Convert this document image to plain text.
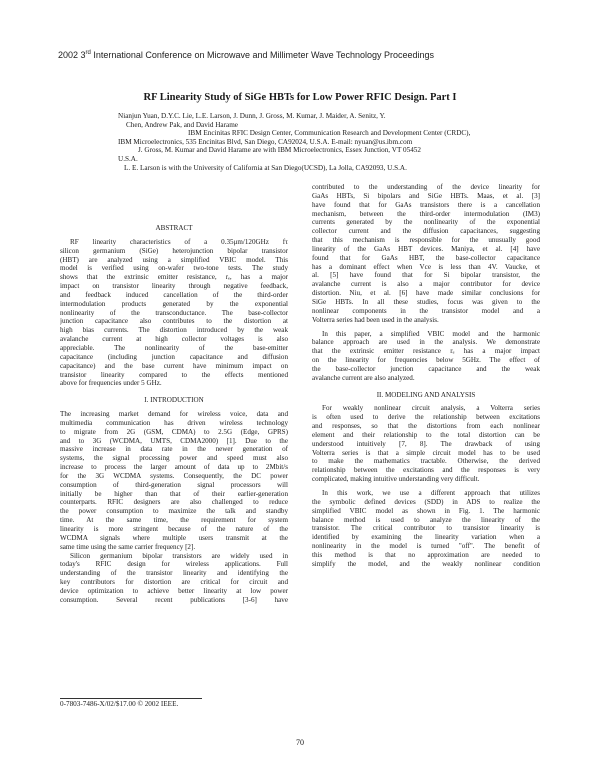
2002 3rd International Conference on Microwave and Millimeter Wave Technology Proceedings
RF Linearity Study of SiGe HBTs for Low Power RFIC Design. Part I
Nianjun Yuan, D.Y.C. Lie, L.E. Larson, J. Dunn, J. Gross, M. Kumar, J. Maider, A. Senitz, Y.
Chen, Andrew Pak, and David Harame
IBM Encinitas RFIC Design Center, Communication Research and Development Center (CRDC),
IBM Microelectronics, 535 Encinitas Blvd, San Diego, CA92024, U.S.A. E-mail: nyuan@us.ibm.com
J. Gross, M. Kumar and David Harame are with IBM Microelectronics, Essex Junction, VT 05452
U.S.A.
L. E. Larson is with the University of California at San Diego(UCSD), La Jolla, CA92093, U.S.A.
ABSTRACT
RF linearity characteristics of a 0.35μm/120GHz fτ
silicon germanium (SiGe) heterojunction bipolar transistor
(HBT) are analyzed using a simplified VBIC model. This
model is verified using on-wafer two-tone tests. The study
shows that the extrinsic emitter resistance, rₑ, has a major
impact on transistor linearity through negative feedback,
and feedback induced cancellation of the third-order
intermodulation products generated by the exponential
nonlinearity of the transconductance. The base-collector
junction capacitance also contributes to the distortion at
high bias currents. The distortion introduced by the weak
avalanche current at high collector voltages is also
appreciable. The nonlinearity of the base-emitter
capacitance (including junction capacitance and diffusion
capacitance) and the base current have minimum impact on
transistor linearity compared to the effects mentioned
above for frequencies under 5 GHz.
I. INTRODUCTION
The increasing market demand for wireless voice, data and
multimedia communication has driven wireless technology
to migrate from 2G (GSM, CDMA) to 2.5G (Edge, GPRS)
and to 3G (WCDMA, UMTS, CDMA2000) [1]. Due to the
massive increase in data rate in the newer generation of
systems, the signal processing power and speed must also
increase to process the larger amount of data up to 2Mbit/s
for the 3G WCDMA systems. Consequently, the DC power
consumption of third-generation signal processors will
initially be higher than that of their earlier-generation
counterparts. RFIC designers are also challenged to reduce
the power consumption to maximize the talk and standby
time. At the same time, the requirement for system
linearity is more stringent because of the nature of the
WCDMA signals where multiple users transmit at the
same time using the same carrier frequency [2].
Silicon germanium bipolar transistors are widely used in
today's RFIC design for wireless applications. Full
understanding of the transistor linearity and identifying the
key contributors for distortion are critical for circuit and
device optimization to achieve better linearity at low power
consumption. Several recent publications [3-6] have
contributed to the understanding of the device linearity for
GaAs HBTs, Si bipolars and SiGe HBTs. Maas, et al. [3]
have found that for GaAs transistors there is a cancellation
mechanism, between the third-order intermodulation (IM3)
currents generated by the nonlinearity of the exponential
collector current and the diffusion capacitances, suggesting
that this mechanism is responsible for the unusually good
linearity of the GaAs HBT devices. Maniya, et al. [4] have
found that for GaAs HBT, the base-collector capacitance
has a dominant effect when Vce is less than 4V. Vaucke, et
al. [5] have found that for Si bipolar transistor, the
avalanche current is also a major contributor for device
distortion. Niu, et al. [6] have made similar conclusions for
SiGe HBTs. In all these studies, focus was given to the
nonlinear components in the transistor model and a
Volterra series had been used in the analysis.
In this paper, a simplified VBIC model and the harmonic
balance approach are used in the analysis. We demonstrate
that the extrinsic emitter resistance rₑ has a major impact
on the linearity for frequencies below 5GHz. The effect of
the base-collector junction capacitance and the weak
avalanche current are also analyzed.
II. MODELING AND ANALYSIS
For weakly nonlinear circuit analysis, a Volterra series
is often used to derive the relationship between excitations
and responses, so that the distortions from each nonlinear
element and their relationship to the total distortion can be
understood intuitively [7, 8]. The drawback of using
Volterra series is that a simple circuit model has to be used
to make the mathematics tractable. Otherwise, the derived
relationship between the excitations and the responses is very
complicated, making intuitive understanding very difficult.
In this work, we use a different approach that utilizes
the symbolic defined devices (SDD) in ADS to realize the
simplified VBIC model as shown in Fig. 1. The harmonic
balance method is used to analyze the linearity of the
transistor. The critical contributor to transistor linearity is
identified by examining the linearity variation when a
nonlinearity in the model is turned "off". The benefit of
this method is that no approximation are needed to
simplify the model, and the weakly nonlinear condition
0-7803-7486-X/02/$17.00 © 2002 IEEE.
70
